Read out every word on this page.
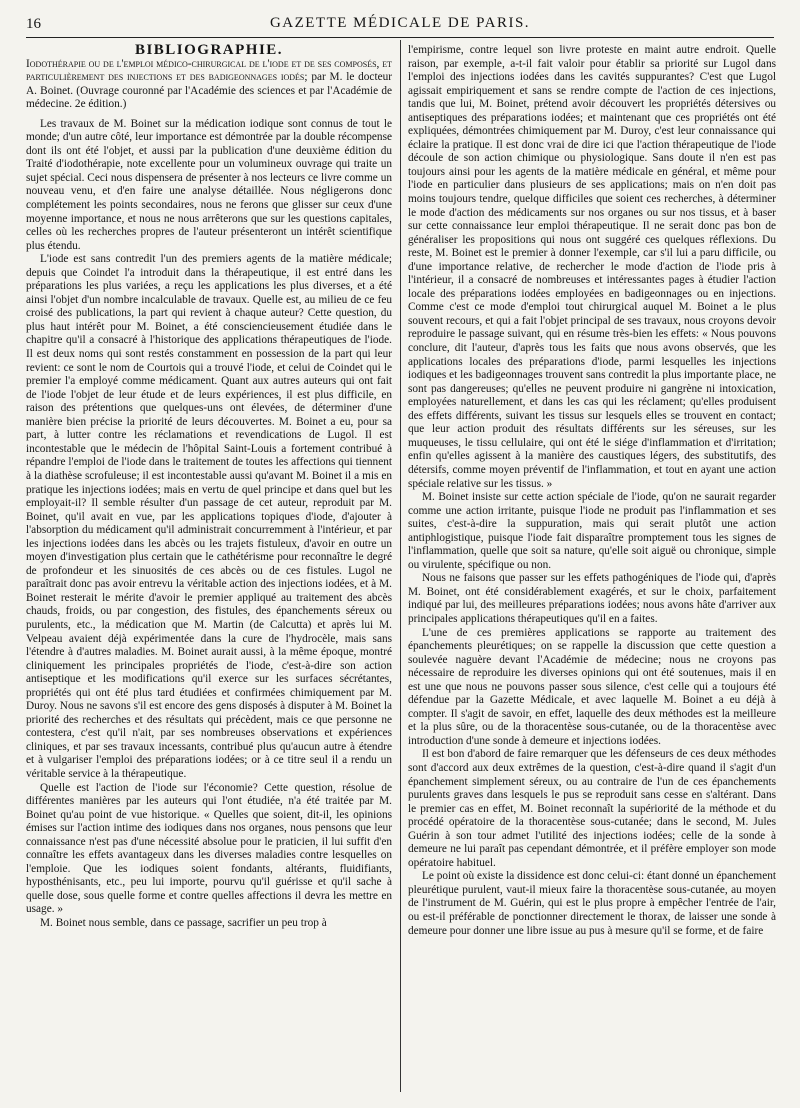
16	GAZETTE MÉDICALE DE PARIS.

BIBLIOGRAPHIE.

Iodothérapie ou de l'emploi médico-chirurgical de l'iode et de ses composés, et particulièrement des injections et des badigeonnages iodés; par M. le docteur A. Boinet. (Ouvrage couronné par l'Académie des sciences et par l'Académie de médecine. 2e édition.)

Les travaux de M. Boinet sur la médication iodique sont connus de tout le monde; d'un autre côté, leur importance est démontrée par la double récompense dont ils ont été l'objet, et aussi par la publication d'une deuxième édition du Traité d'iodothérapie, note excellente pour un volumineux ouvrage qui traite un sujet spécial. Ceci nous dispensera de présenter à nos lecteurs ce livre comme un nouveau venu, et d'en faire une analyse détaillée. Nous négligerons donc complétement les points secondaires, nous ne ferons que glisser sur ceux d'une moyenne importance, et nous ne nous arrêterons que sur les questions capitales, celles où les recherches propres de l'auteur présenteront un intérêt scientifique plus étendu.

L'iode est sans contredit l'un des premiers agents de la matière médicale; depuis que Coindet l'a introduit dans la thérapeutique, il est entré dans les préparations les plus variées, a reçu les applications les plus diverses, et a été ainsi l'objet d'un nombre incalculable de travaux. Quelle est, au milieu de ce feu croisé des publications, la part qui revient à chaque auteur? Cette question, du plus haut intérêt pour M. Boinet, a été consciencieusement étudiée dans le chapitre qu'il a consacré à l'historique des applications thérapeutiques de l'iode. Il est deux noms qui sont restés constamment en possession de la part qui leur revient: ce sont le nom de Courtois qui a trouvé l'iode, et celui de Coindet qui le premier l'a employé comme médicament. Quant aux autres auteurs qui ont fait de l'iode l'objet de leur étude et de leurs expériences, il est plus difficile, en raison des prétentions que quelques-uns ont élevées, de déterminer d'une manière bien précise la priorité de leurs découvertes. M. Boinet a eu, pour sa part, à lutter contre les réclamations et revendications de Lugol. Il est incontestable que le médecin de l'hôpital Saint-Louis a fortement contribué à répandre l'emploi de l'iode dans le traitement de toutes les affections qui tiennent à la diathèse scrofuleuse; il est incontestable aussi qu'avant M. Boinet il a mis en pratique les injections iodées; mais en vertu de quel principe et dans quel but les employait-il? Il semble résulter d'un passage de cet auteur, reproduit par M. Boinet, qu'il avait en vue, par les applications topiques d'iode, d'ajouter à l'absorption du médicament qu'il administrait concurremment à l'intérieur, et par les injections iodées dans les abcès ou les trajets fistuleux, d'avoir en outre un moyen d'investigation plus certain que le cathétérisme pour reconnaître le degré de profondeur et les sinuosités de ces abcès ou de ces fistules. Lugol ne paraîtrait donc pas avoir entrevu la véritable action des injections iodées, et à M. Boinet resterait le mérite d'avoir le premier appliqué au traitement des abcès chauds, froids, ou par congestion, des fistules, des épanchements séreux ou purulents, etc., la médication que M. Martin (de Calcutta) et après lui M. Velpeau avaient déjà expérimentée dans la cure de l'hydrocèle, mais sans l'étendre à d'autres maladies. M. Boinet aurait aussi, à la même époque, montré cliniquement les principales propriétés de l'iode, c'est-à-dire son action antiseptique et les modifications qu'il exerce sur les surfaces sécrétantes, propriétés qui ont été plus tard étudiées et confirmées chimiquement par M. Duroy. Nous ne savons s'il est encore des gens disposés à disputer à M. Boinet la priorité des recherches et des résultats qui précèdent, mais ce que personne ne contestera, c'est qu'il n'ait, par ses nombreuses observations et expériences cliniques, et par ses travaux incessants, contribué plus qu'aucun autre à étendre et à vulgariser l'emploi des préparations iodées; or à ce titre seul il a rendu un véritable service à la thérapeutique.

Quelle est l'action de l'iode sur l'économie? Cette question, résolue de différentes manières par les auteurs qui l'ont étudiée, n'a été traitée par M. Boinet qu'au point de vue historique. « Quelles que soient, dit-il, les opinions émises sur l'action intime des iodiques dans nos organes, nous pensons que leur connaissance n'est pas d'une nécessité absolue pour le praticien, il lui suffit d'en connaître les effets avantageux dans les diverses maladies contre lesquelles on l'emploie. Que les iodiques soient fondants, altérants, fluidifiants, hyposthénisants, etc., peu lui importe, pourvu qu'il guérisse et qu'il sache à quelle dose, sous quelle forme et contre quelles affections il devra les mettre en usage. »

M. Boinet nous semble, dans ce passage, sacrifier un peu trop à

l'empirisme, contre lequel son livre proteste en maint autre endroit. Quelle raison, par exemple, a-t-il fait valoir pour établir sa priorité sur Lugol dans l'emploi des injections iodées dans les cavités suppurantes? C'est que Lugol agissait empiriquement et sans se rendre compte de l'action de ces injections, tandis que lui, M. Boinet, prétend avoir découvert les propriétés détersives ou antiseptiques des préparations iodées; et maintenant que ces propriétés ont été expliquées, démontrées chimiquement par M. Duroy, c'est leur connaissance qui éclaire la pratique. Il est donc vrai de dire ici que l'action thérapeutique de l'iode découle de son action chimique ou physiologique. Sans doute il n'en est pas toujours ainsi pour les agents de la matière médicale en général, et même pour l'iode en particulier dans plusieurs de ses applications; mais on n'en doit pas moins toujours tendre, quelque difficiles que soient ces recherches, à déterminer le mode d'action des médicaments sur nos organes ou sur nos tissus, et à baser sur cette connaissance leur emploi thérapeutique. Il ne serait donc pas bon de généraliser les propositions qui nous ont suggéré ces quelques réflexions. Du reste, M. Boinet est le premier à donner l'exemple, car s'il lui a paru difficile, ou d'une importance relative, de rechercher le mode d'action de l'iode pris à l'intérieur, il a consacré de nombreuses et intéressantes pages à étudier l'action locale des préparations iodées employées en badigeonnages ou en injections. Comme c'est ce mode d'emploi tout chirurgical auquel M. Boinet a le plus souvent recours, et qui a fait l'objet principal de ses travaux, nous croyons devoir reproduire le passage suivant, qui en résume très-bien les effets: « Nous pouvons conclure, dit l'auteur, d'après tous les faits que nous avons observés, que les applications locales des préparations d'iode, parmi lesquelles les injections iodiques et les badigeonnages trouvent sans contredit la plus importante place, ne sont pas dangereuses; qu'elles ne peuvent produire ni gangrène ni intoxication, employées naturellement, et dans les cas qui les réclament; qu'elles produisent des effets différents, suivant les tissus sur lesquels elles se trouvent en contact; que leur action produit des résultats différents sur les séreuses, sur les muqueuses, le tissu cellulaire, qui ont été le siége d'inflammation et d'irritation; enfin qu'elles agissent à la manière des caustiques légers, des substitutifs, des détersifs, comme moyen préventif de l'inflammation, et tout en ayant une action spéciale relative sur les tissus. »

M. Boinet insiste sur cette action spéciale de l'iode, qu'on ne saurait regarder comme une action irritante, puisque l'iode ne produit pas l'inflammation et ses suites, c'est-à-dire la suppuration, mais qui serait plutôt une action antiphlogistique, puisque l'iode fait disparaître promptement tous les signes de l'inflammation, quelle que soit sa nature, qu'elle soit aiguë ou chronique, simple ou virulente, spécifique ou non.

Nous ne faisons que passer sur les effets pathogéniques de l'iode qui, d'après M. Boinet, ont été considérablement exagérés, et sur le choix, parfaitement indiqué par lui, des meilleures préparations iodées; nous avons hâte d'arriver aux principales applications thérapeutiques qu'il en a faites.

L'une de ces premières applications se rapporte au traitement des épanchements pleurétiques; on se rappelle la discussion que cette question a soulevée naguère devant l'Académie de médecine; nous ne croyons pas nécessaire de reproduire les diverses opinions qui ont été soutenues, mais il en est une que nous ne pouvons passer sous silence, c'est celle qui a toujours été défendue par la Gazette Médicale, et avec laquelle M. Boinet a eu déjà à compter. Il s'agit de savoir, en effet, laquelle des deux méthodes est la meilleure et la plus sûre, ou de la thoracentèse sous-cutanée, ou de la thoracentèse avec introduction d'une sonde à demeure et injections iodées.

Il est bon d'abord de faire remarquer que les défenseurs de ces deux méthodes sont d'accord aux deux extrêmes de la question, c'est-à-dire quand il s'agit d'un épanchement simplement séreux, ou au contraire de l'un de ces épanchements purulents graves dans lesquels le pus se reproduit sans cesse en s'altérant. Dans le premier cas en effet, M. Boinet reconnaît la supériorité de la méthode et du procédé opératoire de la thoracentèse sous-cutanée; dans le second, M. Jules Guérin à son tour admet l'utilité des injections iodées; celle de la sonde à demeure ne lui paraît pas cependant démontrée, et il préfère employer son mode opératoire habituel.

Le point où existe la dissidence est donc celui-ci: étant donné un épanchement pleurétique purulent, vaut-il mieux faire la thoracentèse sous-cutanée, au moyen de l'instrument de M. Guérin, qui est le plus propre à empêcher l'entrée de l'air, ou est-il préférable de ponctionner directement le thorax, de laisser une sonde à demeure pour donner une libre issue au pus à mesure qu'il se forme, et de faire
